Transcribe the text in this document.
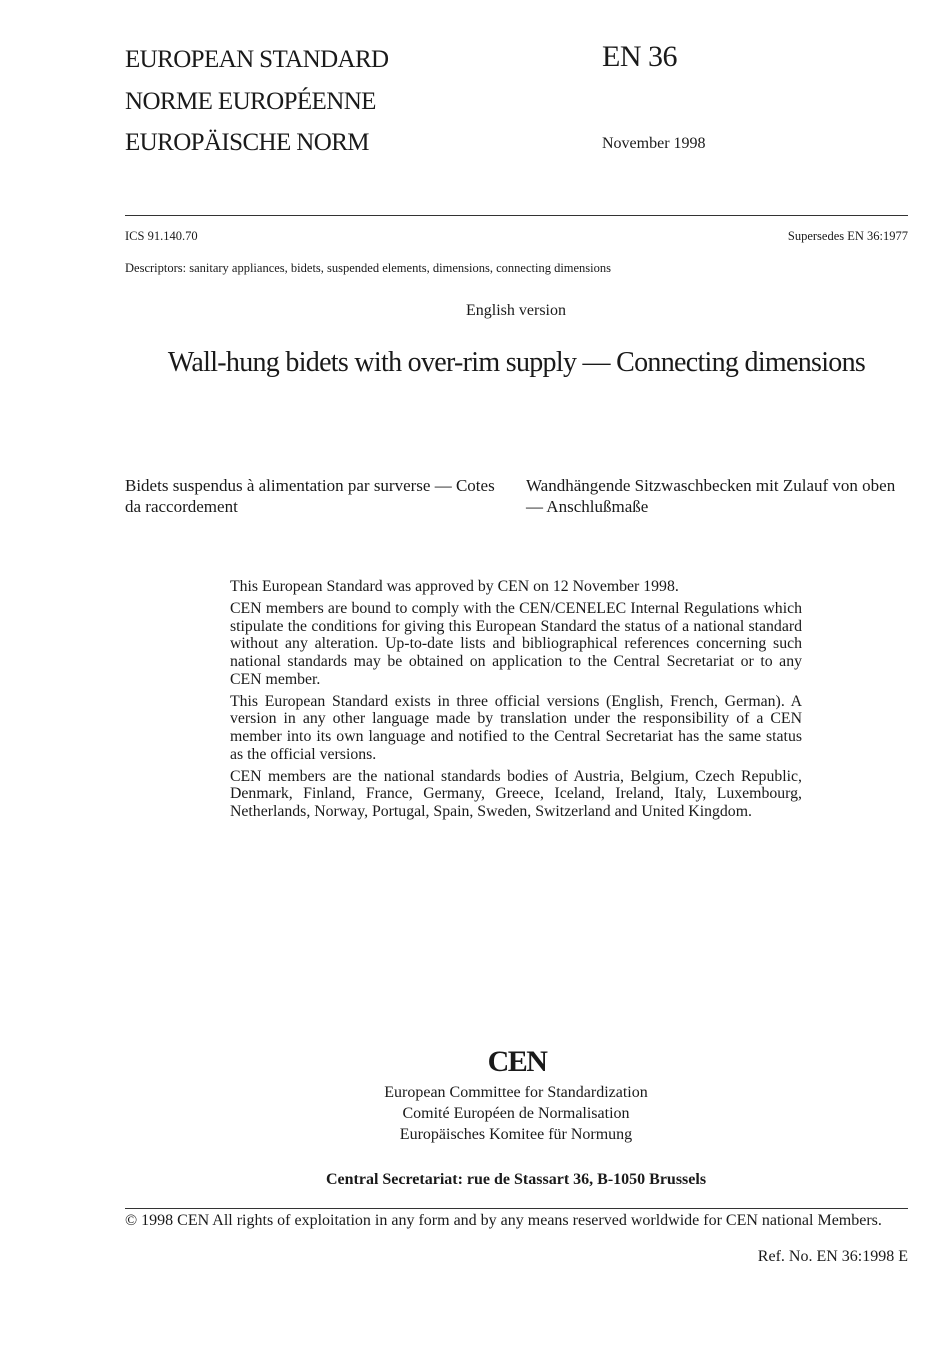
EUROPEAN STANDARD
NORME EUROPÉENNE
EUROPÄISCHE NORM
EN 36
November 1998
ICS 91.140.70	Supersedes EN 36:1977
Descriptors: sanitary appliances, bidets, suspended elements, dimensions, connecting dimensions
English version
Wall-hung bidets with over-rim supply — Connecting dimensions
Bidets suspendus à alimentation par surverse — Cotes da raccordement
Wandhängende Sitzwaschbecken mit Zulauf von oben — Anschlußmaße

This European Standard was approved by CEN on 12 November 1998.

CEN members are bound to comply with the CEN/CENELEC Internal Regulations which stipulate the conditions for giving this European Standard the status of a national standard without any alteration. Up-to-date lists and bibliographical references concerning such national standards may be obtained on application to the Central Secretariat or to any CEN member.

This European Standard exists in three official versions (English, French, German). A version in any other language made by translation under the responsibility of a CEN member into its own language and notified to the Central Secretariat has the same status as the official versions.

CEN members are the national standards bodies of Austria, Belgium, Czech Republic, Denmark, Finland, France, Germany, Greece, Iceland, Ireland, Italy, Luxembourg, Netherlands, Norway, Portugal, Spain, Sweden, Switzerland and United Kingdom.

CEN
European Committee for Standardization
Comité Européen de Normalisation
Europäisches Komitee für Normung
Central Secretariat: rue de Stassart 36, B-1050 Brussels
© 1998 CEN All rights of exploitation in any form and by any means reserved worldwide for CEN national Members.
Ref. No. EN 36:1998 E
